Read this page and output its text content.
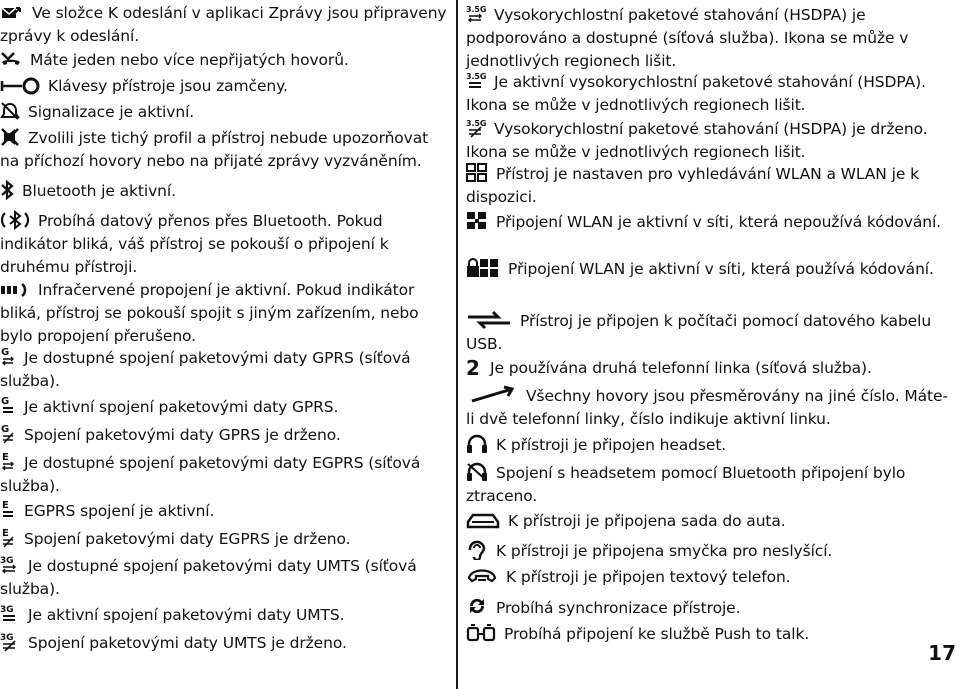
Ve složce K odeslání v aplikaci Zprávy jsou připraveny zprávy k odeslání.
Máte jeden nebo více nepřijatých hovorů.
Klávesy přístroje jsou zamčeny.
Signalizace je aktivní.
Zvolili jste tichý profil a přístroj nebude upozorňovat na příchozí hovory nebo na přijaté zprávy vyzváněním.
Bluetooth je aktivní.
Probíhá datový přenos přes Bluetooth. Pokud indikátor bliká, váš přístroj se pokouší o připojení k druhému přístroji.
Infračervené propojení je aktivní. Pokud indikátor bliká, přístroj se pokouší spojit s jiným zařízením, nebo bylo propojení přerušeno.
G Je dostupné spojení paketovými daty GPRS (síťová služba).
G Je aktivní spojení paketovými daty GPRS.
G Spojení paketovými daty GPRS je drženo.
E Je dostupné spojení paketovými daty EGPRS (síťová služba).
E EGPRS spojení je aktivní.
E Spojení paketovými daty EGPRS je drženo.
3G Je dostupné spojení paketovými daty UMTS (síťová služba).
3G Je aktivní spojení paketovými daty UMTS.
3G Spojení paketovými daty UMTS je drženo.
3.5G Vysokorychlostní paketové stahování (HSDPA) je podporováno a dostupné (síťová služba). Ikona se může v jednotlivých regionech lišit.
3.5G Je aktivní vysokorychlostní paketové stahování (HSDPA). Ikona se může v jednotlivých regionech lišit.
3.5G Vysokorychlostní paketové stahování (HSDPA) je drženo. Ikona se může v jednotlivých regionech lišit.
Přístroj je nastaven pro vyhledávání WLAN a WLAN je k dispozici.
Připojení WLAN je aktivní v síti, která nepoužívá kódování.
Připojení WLAN je aktivní v síti, která používá kódování.
Přístroj je připojen k počítači pomocí datového kabelu USB.
2 Je používána druhá telefonní linka (síťová služba).
Všechny hovory jsou přesměrovány na jiné číslo. Máte-li dvě telefonní linky, číslo indikuje aktivní linku.
K přístroji je připojen headset.
Spojení s headsetem pomocí Bluetooth připojení bylo ztraceno.
K přístroji je připojena sada do auta.
K přístroji je připojena smyčka pro neslyšící.
K přístroji je připojen textový telefon.
Probíhá synchronizace přístroje.
Probíhá připojení ke službě Push to talk.
17
